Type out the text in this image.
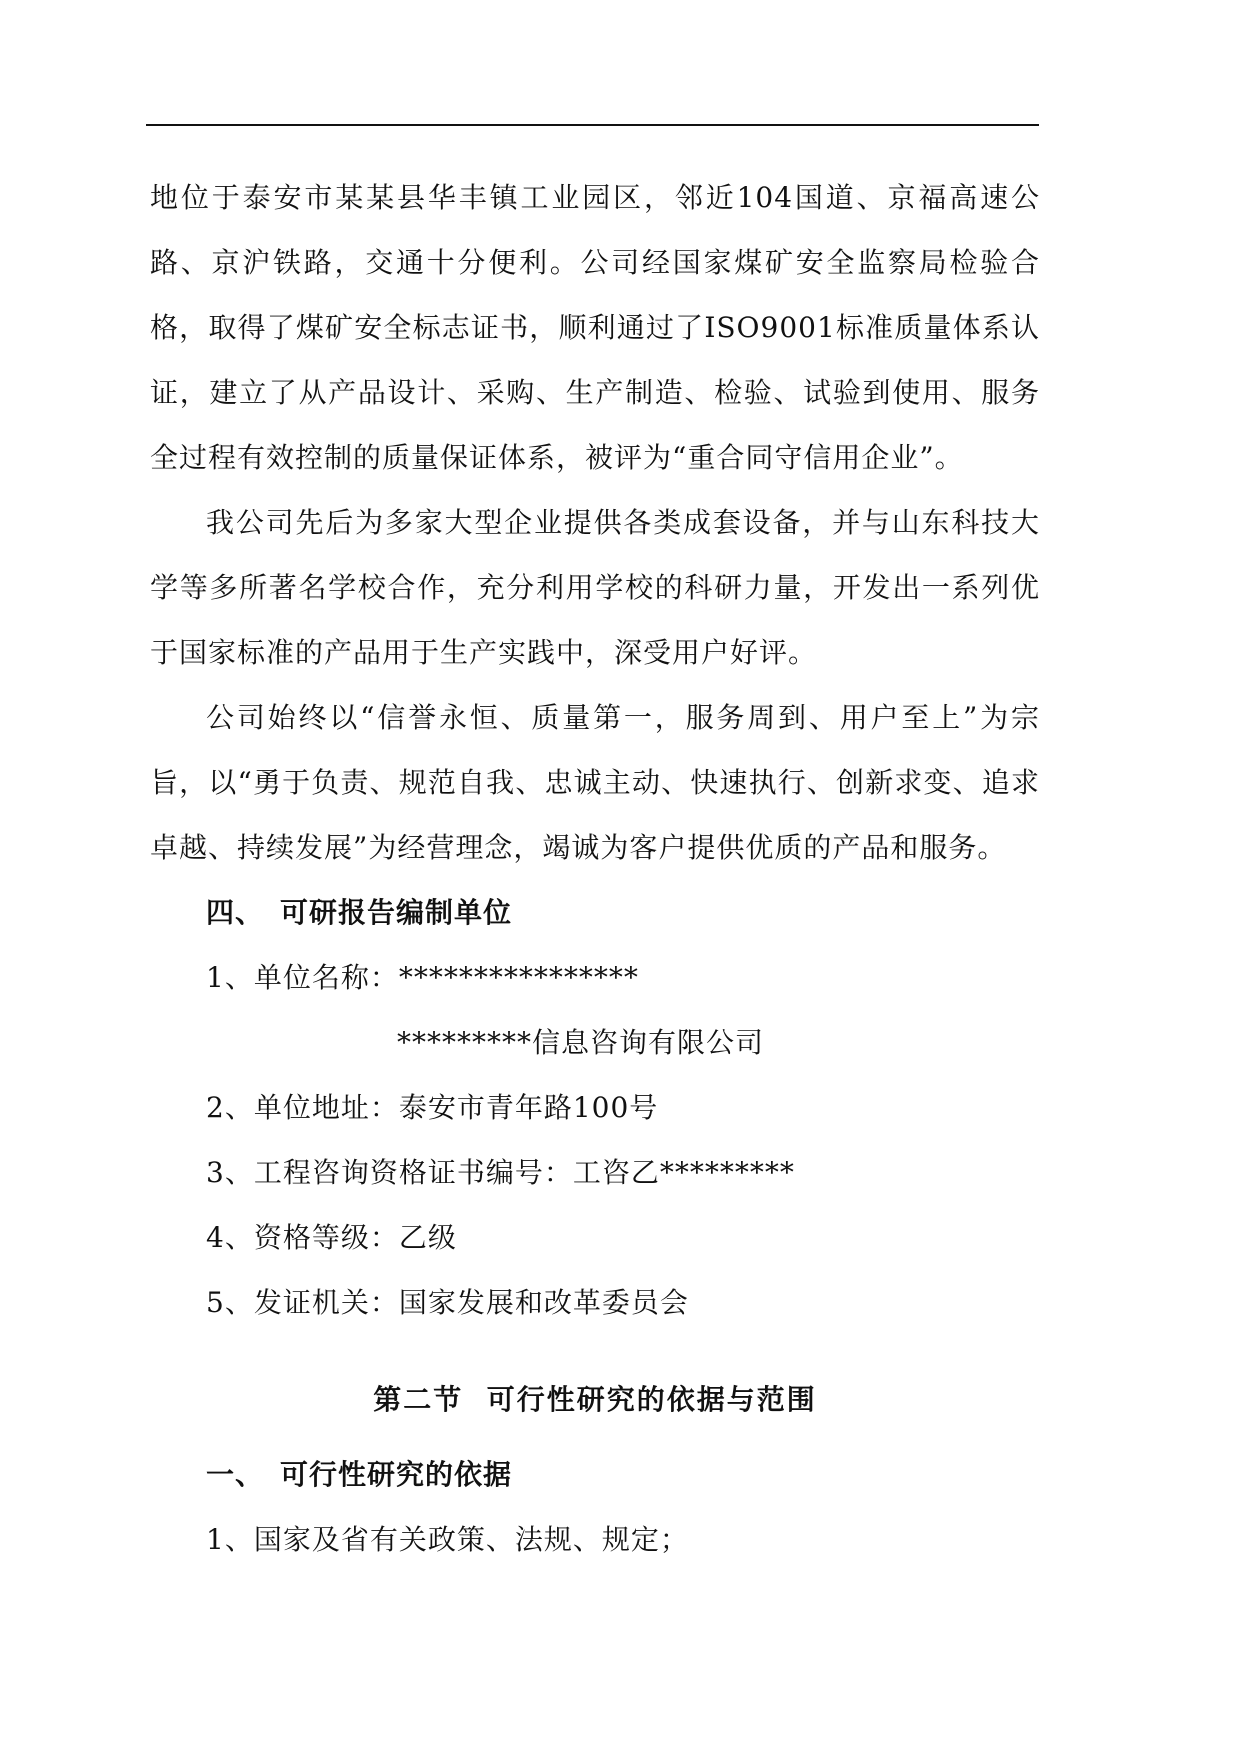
地位于泰安市某某县华丰镇工业园区，邻近104国道、京福高速公路、京沪铁路，交通十分便利。公司经国家煤矿安全监察局检验合格，取得了煤矿安全标志证书，顺利通过了ISO9001标准质量体系认证，建立了从产品设计、采购、生产制造、检验、试验到使用、服务全过程有效控制的质量保证体系，被评为“重合同守信用企业”。

我公司先后为多家大型企业提供各类成套设备，并与山东科技大学等多所著名学校合作，充分利用学校的科研力量，开发出一系列优于国家标准的产品用于生产实践中，深受用户好评。

公司始终以“信誉永恒、质量第一，服务周到、用户至上”为宗旨，以“勇于负责、规范自我、忠诚主动、快速执行、创新求变、追求卓越、持续发展”为经营理念，竭诚为客户提供优质的产品和服务。

四、 可研报告编制单位

1、单位名称：****************

*********信息咨询有限公司

2、单位地址：泰安市青年路100号

3、工程咨询资格证书编号：工咨乙*********

4、资格等级：乙级

5、发证机关：国家发展和改革委员会

第二节  可行性研究的依据与范围

一、 可行性研究的依据

1、国家及省有关政策、法规、规定；
